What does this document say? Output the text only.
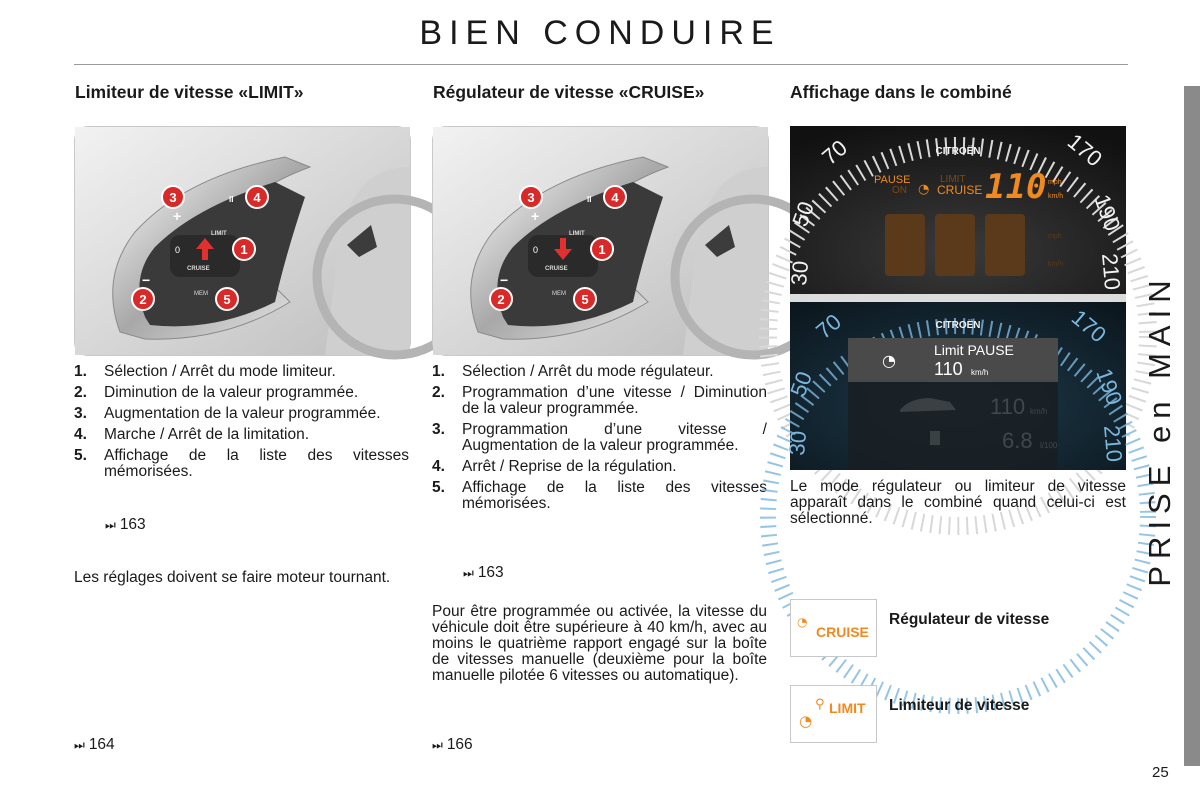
BIEN CONDUIRE
Limiteur de vitesse «LIMIT»	Régulateur de vitesse «CRUISE»	Affichage dans le combiné
LIMIT
CRUISE
MEM
+
−
0
II
1
2
3	4
5
LIMIT
CRUISE
MEM
+
−
0
II
1
2
3	4
5
1. Sélection / Arrêt du mode limiteur.
2. Diminution de la valeur programmée.
3. Augmentation de la valeur programmée.
4. Marche / Arrêt de la limitation.
5. Affichage de la liste des vitesses mémorisées.
⏭ 163

Les réglages doivent se faire moteur tournant.

⏭ 164
1. Sélection / Arrêt du mode régulateur.
2. Programmation d’une vitesse / Diminution de la valeur programmée.
3. Programmation d’une vitesse / Augmentation de la valeur programmée.
4. Arrêt / Reprise de la régulation.
5. Affichage de la liste des vitesses mémorisées.
⏭ 163

Pour être programmée ou activée, la vitesse du véhicule doit être supérieure à 40 km/h, avec au moins le quatrième rapport engagé sur la boîte de vitesses manuelle (deuxième pour la boîte manuelle pilotée 6 vitesses ou automatique).

⏭ 166
70
50
30
170
190
210
CITROËN
PAUSE
ON
LIMIT
CRUISE
◔ 110 mph
km/h
mph
km/h
70
50
30
170
190
210
CITROËN
◔
Limit PAUSE
110 km/h
110 km/h
6.8 l/100

Le mode régulateur ou limiteur de vitesse apparaît dans le combiné quand celui-ci est sélectionné.

◔
CRUISE
Régulateur de vitesse
◔
⚲ LIMIT Limiteur de vitesse
PRISE en MAIN
25
